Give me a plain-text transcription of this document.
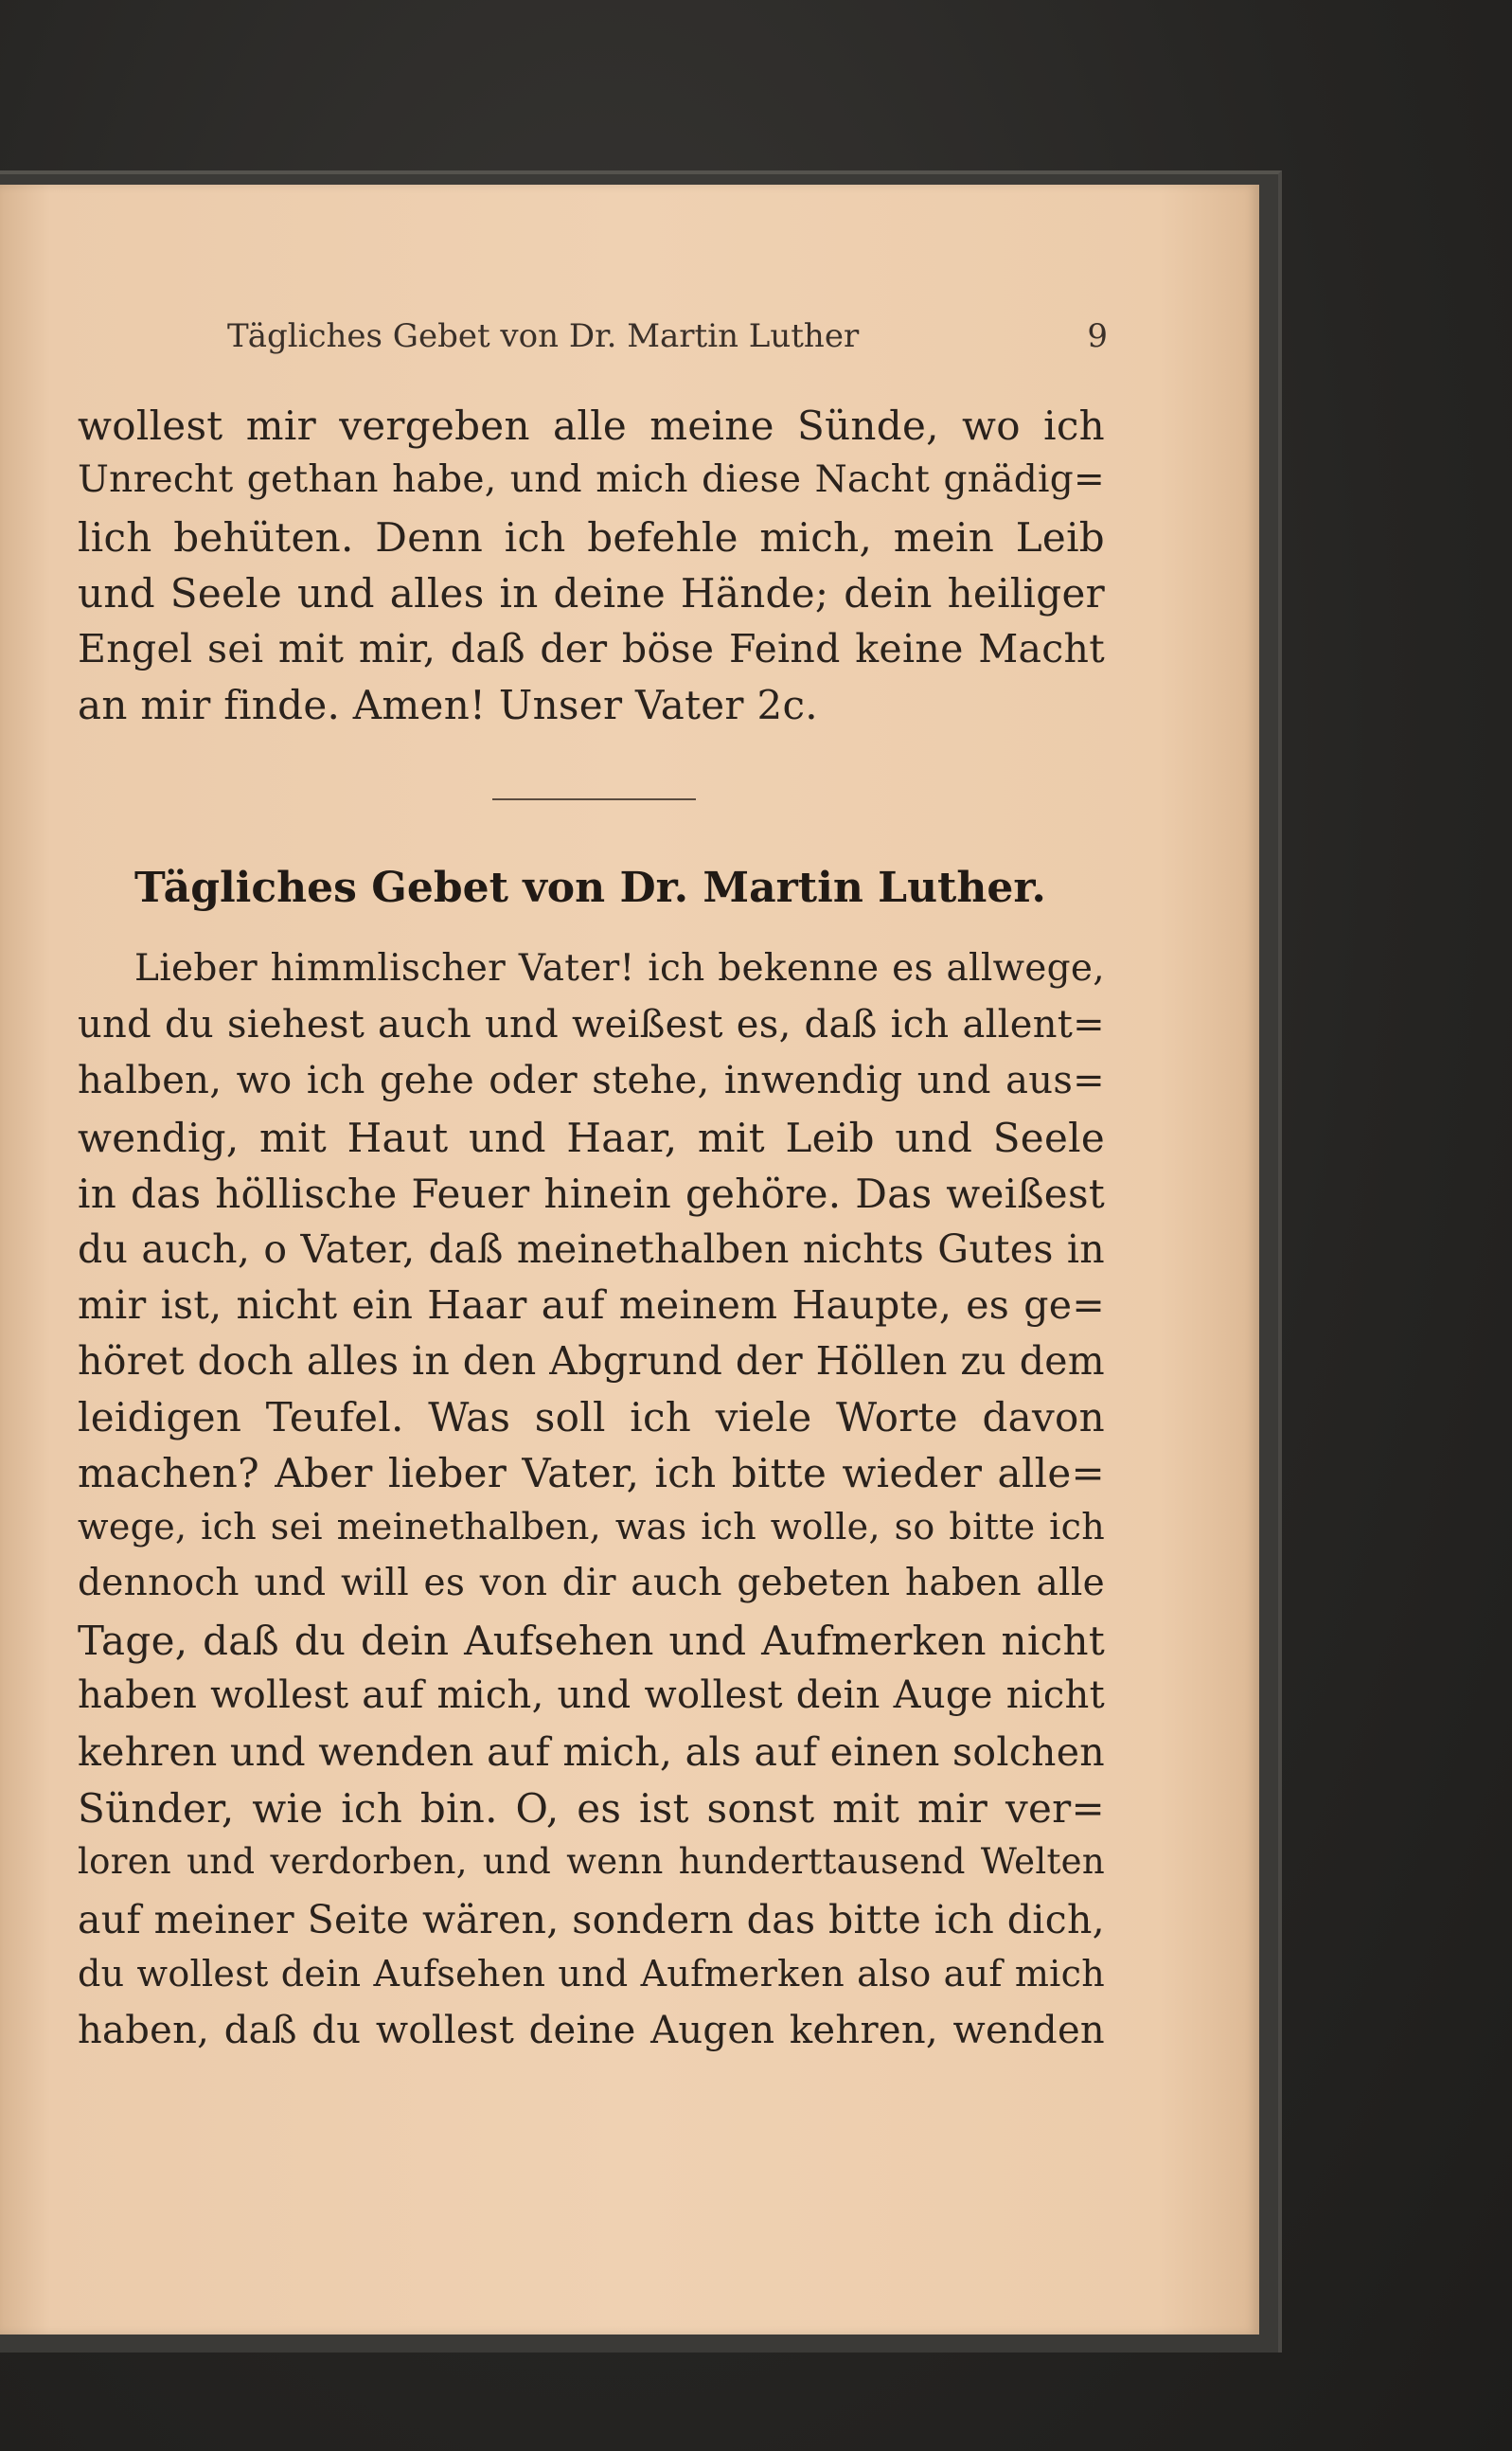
Tägliches Gebet von Dr. Martin Luther	9
wollest mir vergeben alle meine Sünde, wo ich
Unrecht gethan habe, und mich diese Nacht gnädig=
lich behüten. Denn ich befehle mich, mein Leib
und Seele und alles in deine Hände; dein heiliger
Engel sei mit mir, daß der böse Feind keine Macht
an mir finde. Amen! Unser Vater 2c.
Tägliches Gebet von Dr. Martin Luther.
Lieber himmlischer Vater! ich bekenne es allwege,
und du siehest auch und weißest es, daß ich allent=
halben, wo ich gehe oder stehe, inwendig und aus=
wendig, mit Haut und Haar, mit Leib und Seele
in das höllische Feuer hinein gehöre. Das weißest
du auch, o Vater, daß meinethalben nichts Gutes in
mir ist, nicht ein Haar auf meinem Haupte, es ge=
höret doch alles in den Abgrund der Höllen zu dem
leidigen Teufel. Was soll ich viele Worte davon
machen? Aber lieber Vater, ich bitte wieder alle=
wege, ich sei meinethalben, was ich wolle, so bitte ich
dennoch und will es von dir auch gebeten haben alle
Tage, daß du dein Aufsehen und Aufmerken nicht
haben wollest auf mich, und wollest dein Auge nicht
kehren und wenden auf mich, als auf einen solchen
Sünder, wie ich bin. O, es ist sonst mit mir ver=
loren und verdorben, und wenn hunderttausend Welten
auf meiner Seite wären, sondern das bitte ich dich,
du wollest dein Aufsehen und Aufmerken also auf mich
haben, daß du wollest deine Augen kehren, wenden
